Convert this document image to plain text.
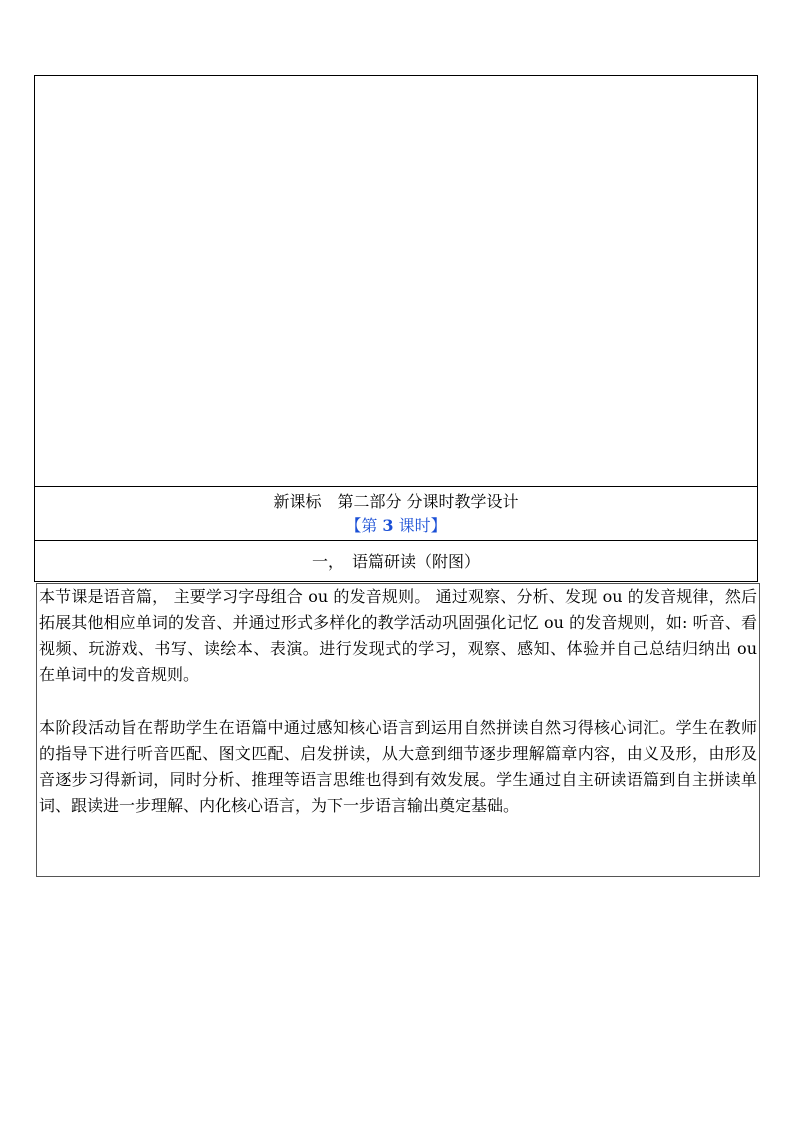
新课标　第二部分 分课时教学设计
【第 3 课时】
一，　语篇研读（附图）
本节课是语音篇， 主要学习字母组合 ou 的发音规则。 通过观察、分析、发现 ou 的发音规律，然后拓展其他相应单词的发音、并通过形式多样化的教学活动巩固强化记忆 ou 的发音规则，如: 听音、看视频、玩游戏、书写、读绘本、表演。进行发现式的学习，观察、感知、体验并自己总结归纳出 ou 在单词中的发音规则。
本阶段活动旨在帮助学生在语篇中通过感知核心语言到运用自然拼读自然习得核心词汇。学生在教师的指导下进行听音匹配、图文匹配、启发拼读，从大意到细节逐步理解篇章内容，由义及形，由形及音逐步习得新词，同时分析、推理等语言思维也得到有效发展。学生通过自主研读语篇到自主拼读单词、跟读进一步理解、内化核心语言，为下一步语言输出奠定基础。
